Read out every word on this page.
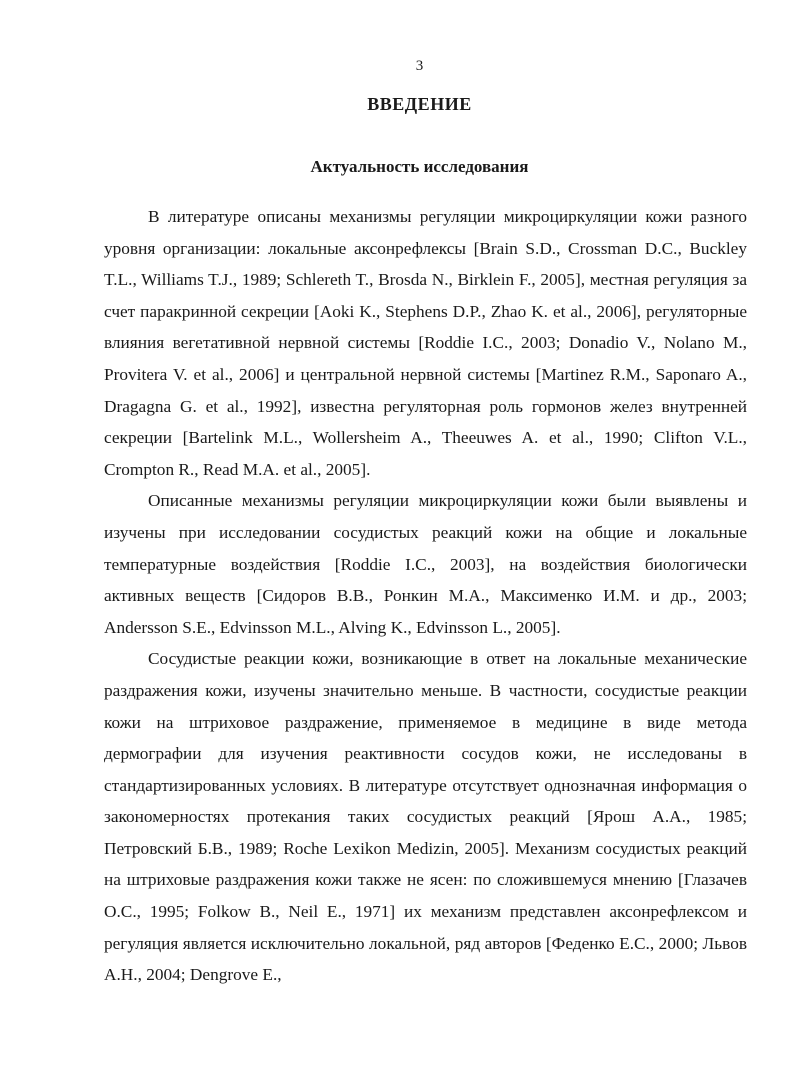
3
ВВЕДЕНИЕ
Актуальность исследования

В литературе описаны механизмы регуляции микроциркуляции кожи разного уровня организации: локальные аксонрефлексы [Brain S.D., Crossman D.C., Buckley T.L., Williams T.J., 1989; Schlereth T., Brosda N., Birklein F., 2005], местная регуляция за счет паракринной секреции [Aoki K., Stephens D.P., Zhao K. et al., 2006], регуляторные влияния вегетативной нервной системы [Roddie I.C., 2003; Donadio V., Nolano M., Provitera V. et al., 2006] и центральной нервной системы [Martinez R.M., Saponaro A., Dragagna G. et al., 1992], известна регуляторная роль гормонов желез внутренней секреции [Bartelink M.L., Wollersheim A., Theeuwes A. et al., 1990; Clifton V.L., Crompton R., Read M.A. et al., 2005].

Описанные механизмы регуляции микроциркуляции кожи были выявлены и изучены при исследовании сосудистых реакций кожи на общие и локальные температурные воздействия [Roddie I.C., 2003], на воздействия биологически активных веществ [Сидоров В.В., Ронкин М.А., Максименко И.М. и др., 2003; Andersson S.E., Edvinsson M.L., Alving K., Edvinsson L., 2005].

Сосудистые реакции кожи, возникающие в ответ на локальные механические раздражения кожи, изучены значительно меньше. В частности, сосудистые реакции кожи на штриховое раздражение, применяемое в медицине в виде метода дермографии для изучения реактивности сосудов кожи, не исследованы в стандартизированных условиях. В литературе отсутствует однозначная информация о закономерностях протекания таких сосудистых реакций [Ярош А.А., 1985; Петровский Б.В., 1989; Roche Lexikon Medizin, 2005]. Механизм сосудистых реакций на штриховые раздражения кожи также не ясен: по сложившемуся мнению [Глазачев О.С., 1995; Folkow B., Neil E., 1971] их механизм представлен аксонрефлексом и регуляция является исключительно локальной, ряд авторов [Феденко Е.С., 2000; Львов А.Н., 2004; Dengrove E.,
